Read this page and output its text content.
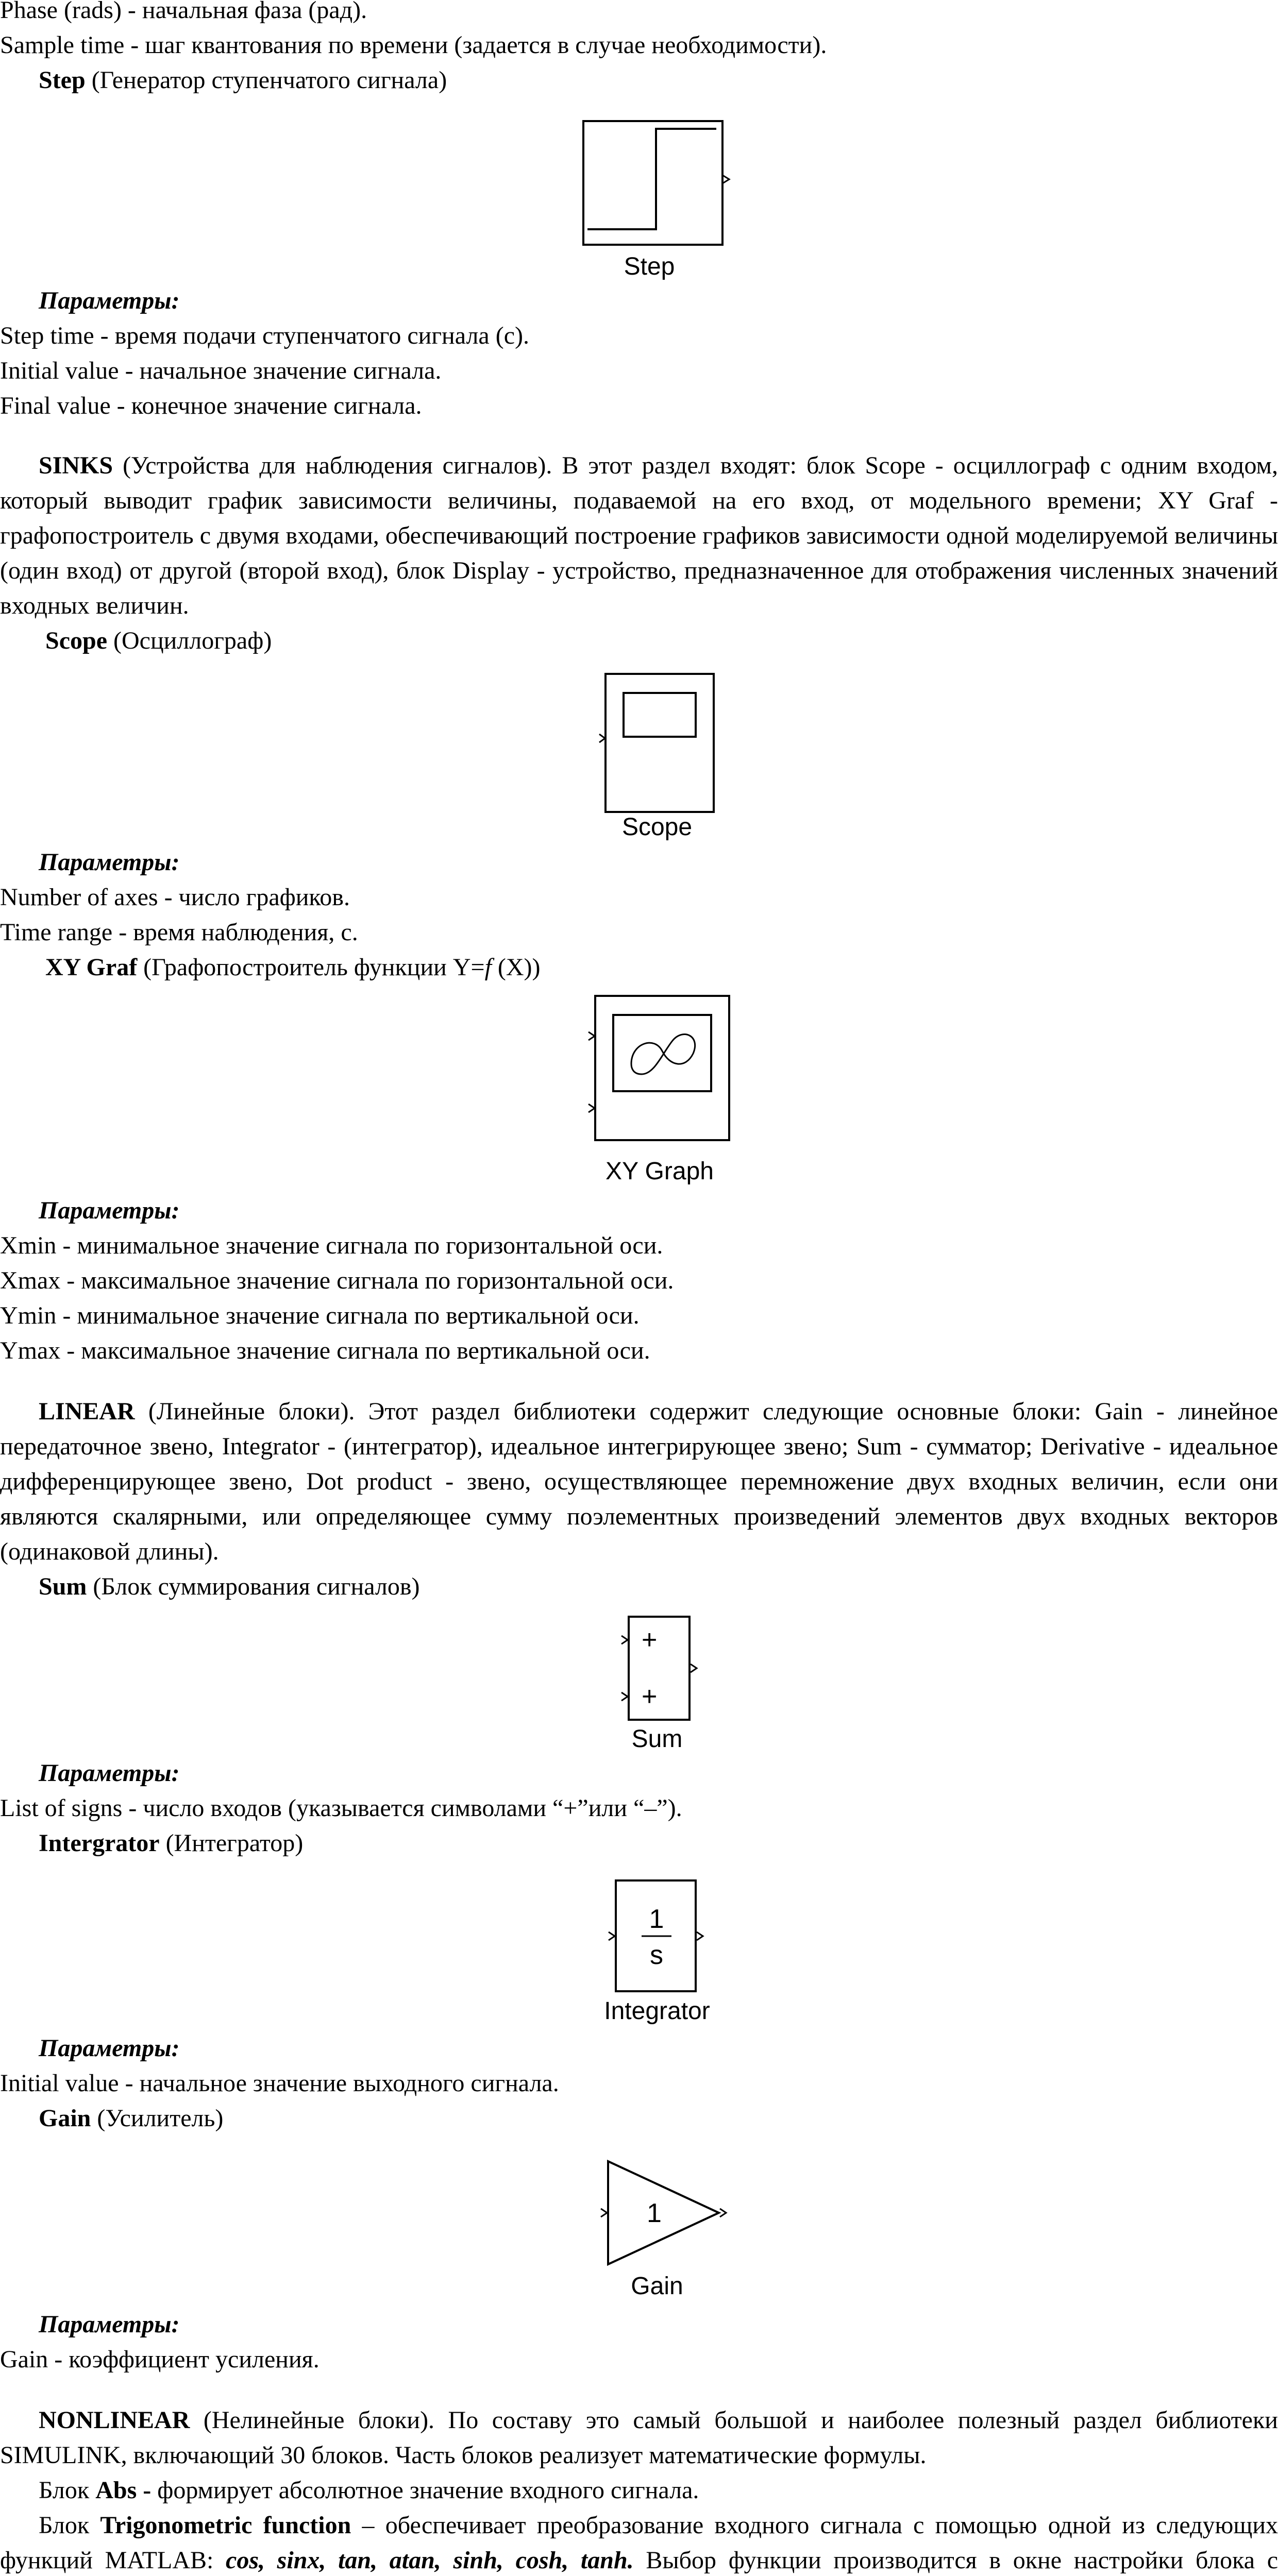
Phase (rads) - начальная фаза (рад).
Sample time - шаг квантования по времени (задается в случае необходимости).
Step (Генератор ступенчатого сигнала)
Step
Параметры:
Step time - время подачи ступенчатого сигнала (с).
Initial value - начальное значение сигнала.
Final value - конечное значение сигнала.

SINKS (Устройства для наблюдения сигналов). В этот раздел входят: блок Scope - осциллограф с одним входом, который выводит график зависимости величины, подаваемой на его вход, от модельного времени; XY Graf - графопостроитель с двумя входами, обеспечивающий построение графиков зависимости одной моделируемой величины (один вход) от другой (второй вход), блок Display - устройство, предназначенное для отображения численных значений входных величин.

Scope (Осциллограф)
Scope
Параметры:
Number of axes - число графиков.
Time range - время наблюдения, с.
XY Graf (Графопостроитель функции Y=f (X))
XY Graph
Параметры:
Xmin - минимальное значение сигнала по горизонтальной оси.
Xmax - максимальное значение сигнала по горизонтальной оси.
Ymin - минимальное значение сигнала по вертикальной оси.
Ymax - максимальное значение сигнала по вертикальной оси.

LINEAR (Линейные блоки). Этот раздел библиотеки содержит следующие основные блоки: Gain - линейное передаточное звено, Integrator - (интегратор), идеальное интегрирующее звено; Sum - сумматор; Derivative - идеальное дифференцирующее звено, Dot product - звено, осуществляющее перемножение двух входных величин, если они являются скалярными, или определяющее сумму поэлементных произведений элементов двух входных векторов (одинаковой длины).

Sum (Блок суммирования сигналов)
+
+
Sum
Параметры:
List of signs - число входов (указывается символами “+”или “–”).
Intergrator (Интегратор)
1
s
Integrator
Параметры:
Initial value - начальное значение выходного сигнала.
Gain (Усилитель)
1
Gain
Параметры:
Gain - коэффициент усиления.

NONLINEAR (Нелинейные блоки). По составу это самый большой и наиболее полезный раздел библиотеки SIMULINK, включающий 30 блоков. Часть блоков реализует математические формулы.

Блок Abs - формирует абсолютное значение входного сигнала.

Блок Trigonometric function – обеспечивает преобразование входного сигнала с помощью одной из следующих функций MATLAB: cos, sinx, tan, atan, sinh, cosh, tanh. Выбор функции производится в окне настройки блока с
